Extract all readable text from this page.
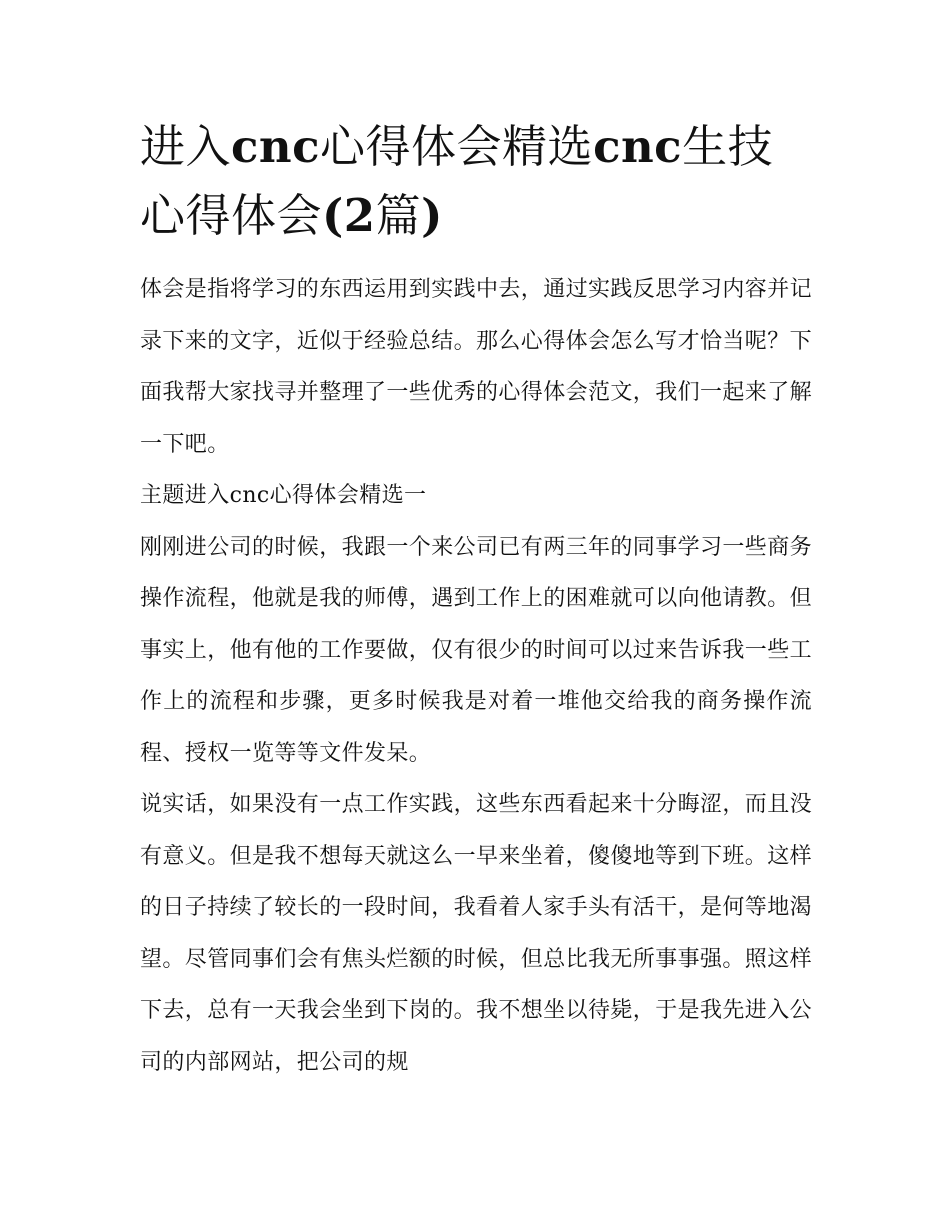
进入cnc心得体会精选cnc生技心得体会(2篇)

体会是指将学习的东西运用到实践中去，通过实践反思学习内容并记录下来的文字，近似于经验总结。那么心得体会怎么写才恰当呢？下面我帮大家找寻并整理了一些优秀的心得体会范文，我们一起来了解一下吧。

主题进入cnc心得体会精选一

刚刚进公司的时候，我跟一个来公司已有两三年的同事学习一些商务操作流程，他就是我的师傅，遇到工作上的困难就可以向他请教。但事实上，他有他的工作要做，仅有很少的时间可以过来告诉我一些工作上的流程和步骤，更多时候我是对着一堆他交给我的商务操作流程、授权一览等等文件发呆。

说实话，如果没有一点工作实践，这些东西看起来十分晦涩，而且没有意义。但是我不想每天就这么一早来坐着，傻傻地等到下班。这样的日子持续了较长的一段时间，我看着人家手头有活干，是何等地渴望。尽管同事们会有焦头烂额的时候，但总比我无所事事强。照这样下去，总有一天我会坐到下岗的。我不想坐以待毙，于是我先进入公司的内部网站，把公司的规
